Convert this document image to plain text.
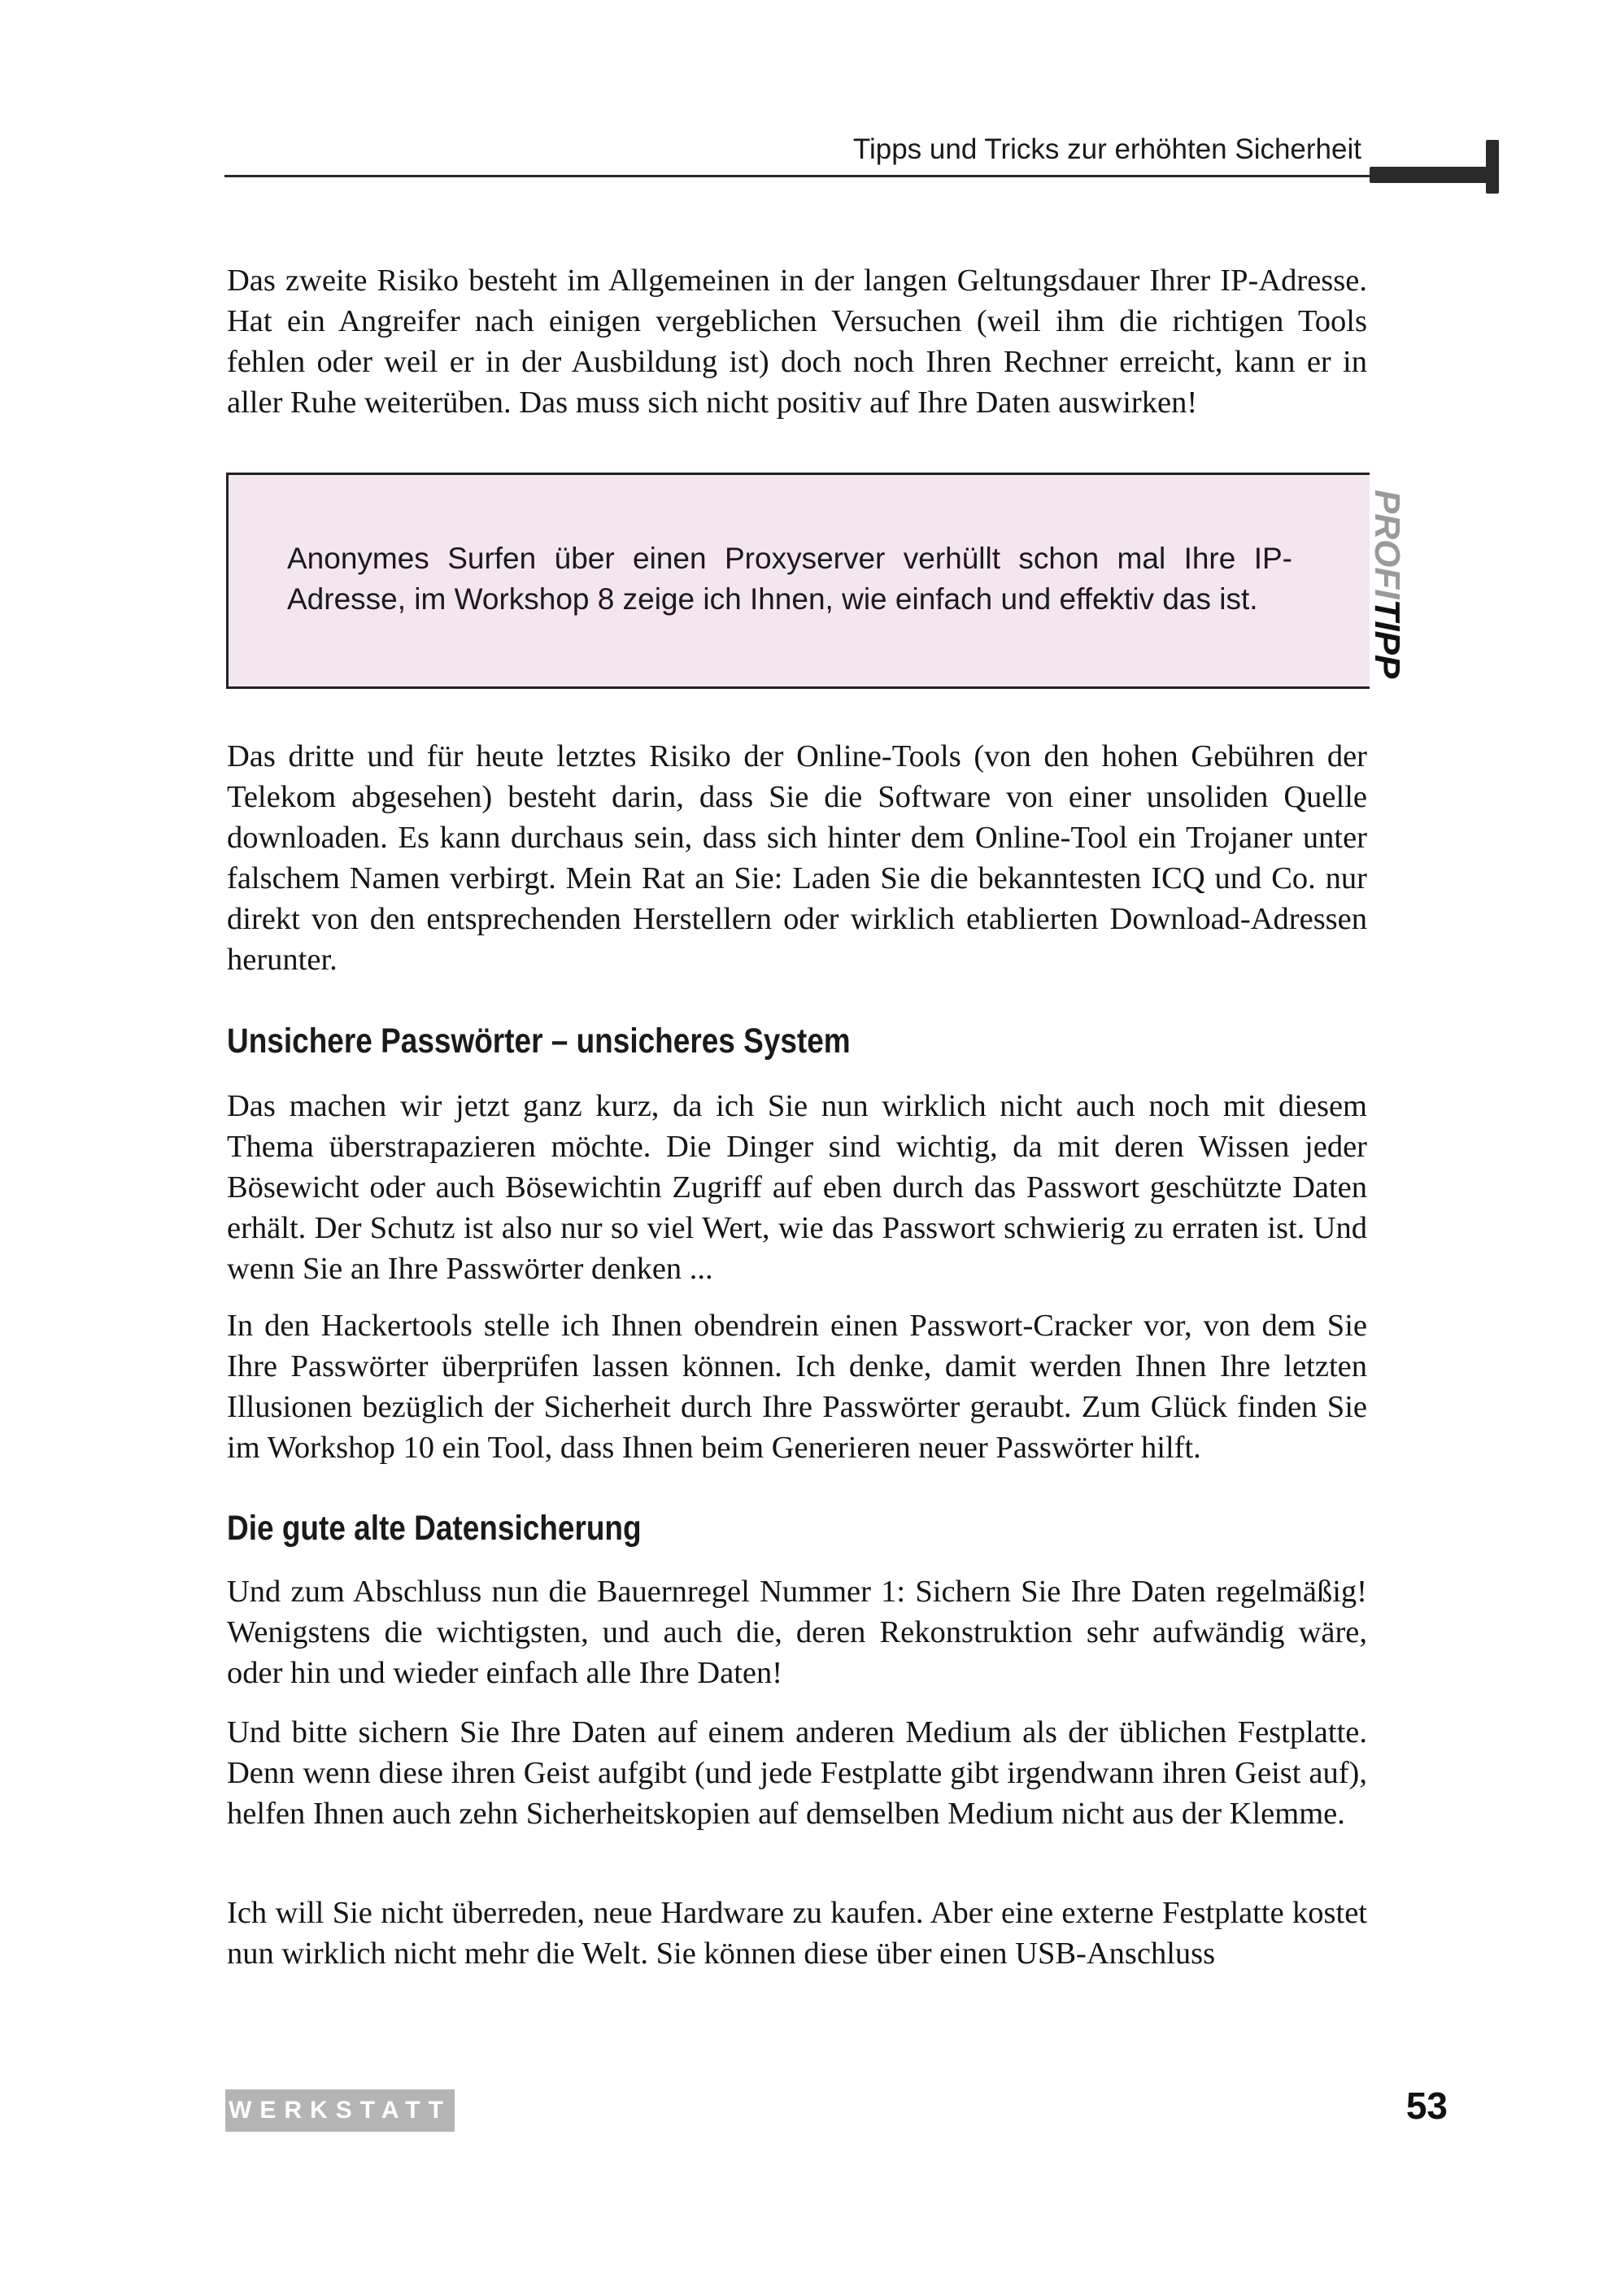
Tipps und Tricks zur erhöhten Sicherheit

Das zweite Risiko besteht im Allgemeinen in der langen Geltungsdauer Ihrer IP-Adresse. Hat ein Angreifer nach einigen vergeblichen Versuchen (weil ihm die richtigen Tools fehlen oder weil er in der Ausbildung ist) doch noch Ihren Rechner erreicht, kann er in aller Ruhe weiterüben. Das muss sich nicht positiv auf Ihre Daten auswirken!

Anonymes Surfen über einen Proxyserver verhüllt schon mal Ihre IP-Adresse, im Workshop 8 zeige ich Ihnen, wie einfach und effektiv das ist.

PROFITIPP

Das dritte und für heute letztes Risiko der Online-Tools (von den hohen Gebühren der Telekom abgesehen) besteht darin, dass Sie die Software von einer unsoliden Quelle downloaden. Es kann durchaus sein, dass sich hinter dem Online-Tool ein Trojaner unter falschem Namen verbirgt. Mein Rat an Sie: Laden Sie die bekanntesten ICQ und Co. nur direkt von den entsprechenden Herstellern oder wirklich etablierten Download-Adressen herunter.

Unsichere Passwörter – unsicheres System

Das machen wir jetzt ganz kurz, da ich Sie nun wirklich nicht auch noch mit diesem Thema überstrapazieren möchte. Die Dinger sind wichtig, da mit deren Wissen jeder Bösewicht oder auch Bösewichtin Zugriff auf eben durch das Passwort geschützte Daten erhält. Der Schutz ist also nur so viel Wert, wie das Passwort schwierig zu erraten ist. Und wenn Sie an Ihre Passwörter denken ...

In den Hackertools stelle ich Ihnen obendrein einen Passwort-Cracker vor, von dem Sie Ihre Passwörter überprüfen lassen können. Ich denke, damit werden Ihnen Ihre letzten Illusionen bezüglich der Sicherheit durch Ihre Passwörter geraubt. Zum Glück finden Sie im Workshop 10 ein Tool, dass Ihnen beim Generieren neuer Passwörter hilft.

Die gute alte Datensicherung

Und zum Abschluss nun die Bauernregel Nummer 1: Sichern Sie Ihre Daten regelmäßig! Wenigstens die wichtigsten, und auch die, deren Rekonstruktion sehr aufwändig wäre, oder hin und wieder einfach alle Ihre Daten!

Und bitte sichern Sie Ihre Daten auf einem anderen Medium als der üblichen Festplatte. Denn wenn diese ihren Geist aufgibt (und jede Festplatte gibt irgendwann ihren Geist auf), helfen Ihnen auch zehn Sicherheitskopien auf demselben Medium nicht aus der Klemme.

Ich will Sie nicht überreden, neue Hardware zu kaufen. Aber eine externe Festplatte kostet nun wirklich nicht mehr die Welt. Sie können diese über einen USB-Anschluss

WERKSTATT	53
